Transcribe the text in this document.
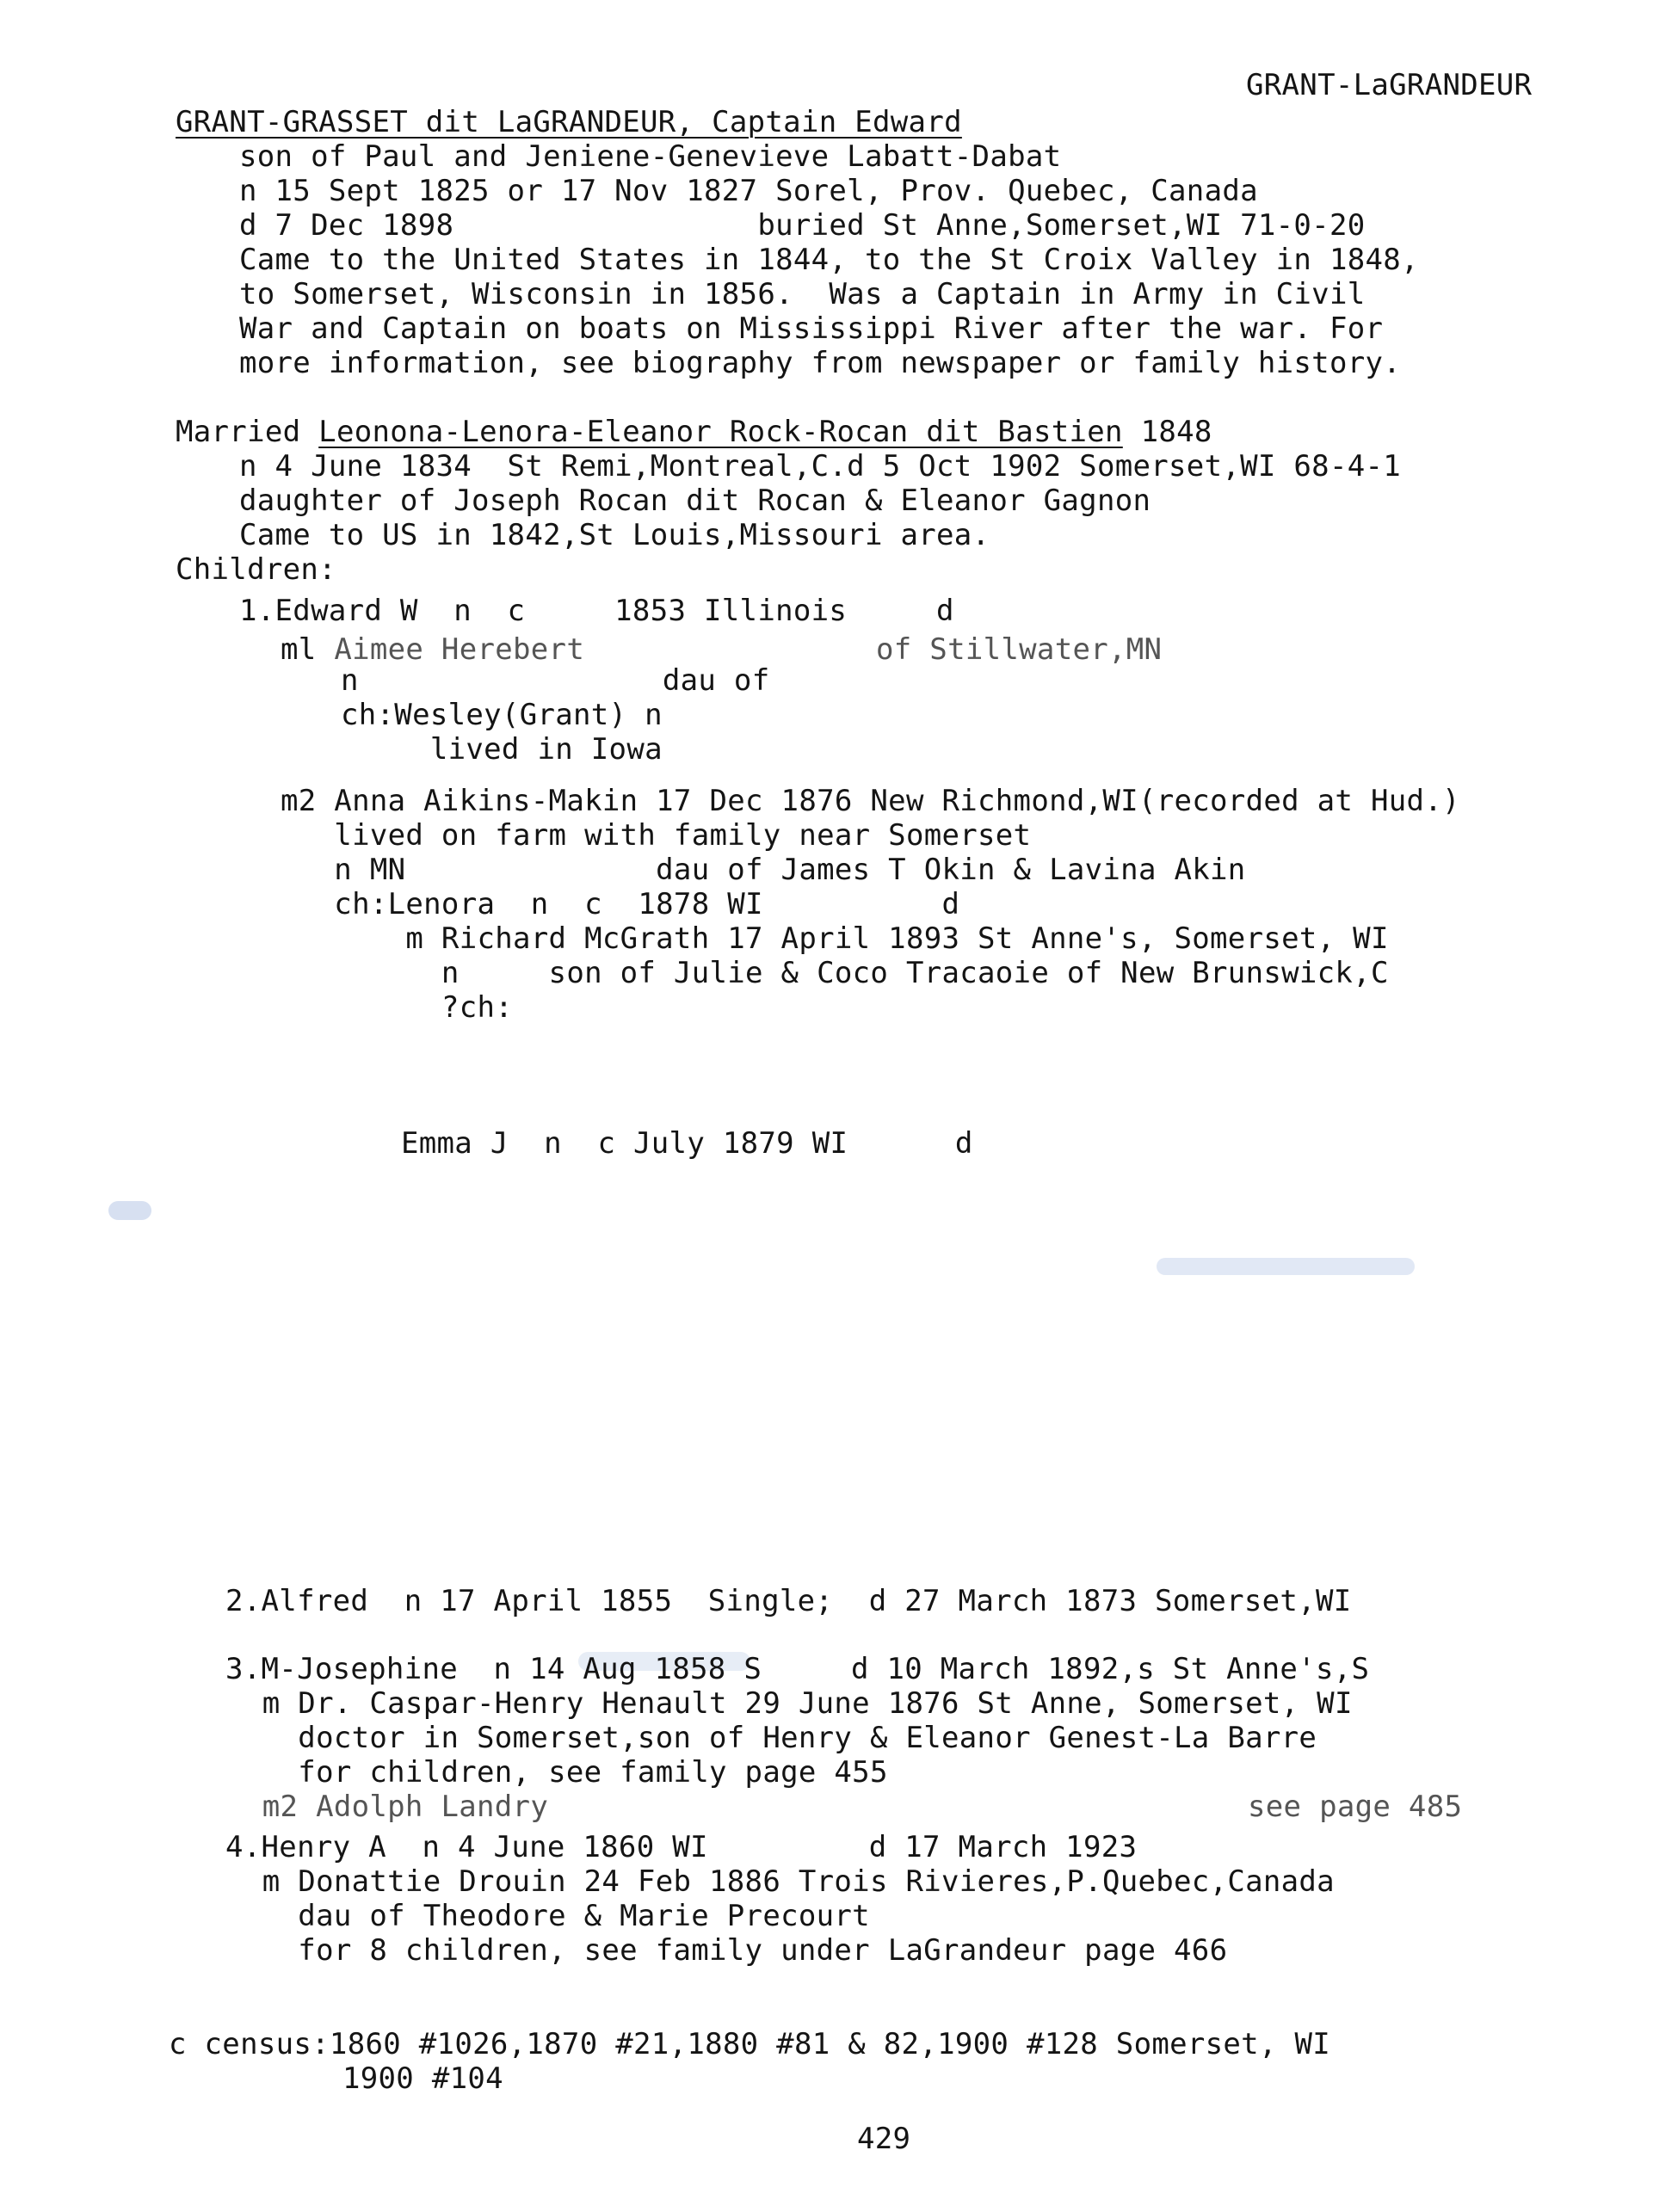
GRANT-LaGRANDEUR
GRANT-GRASSET dit LaGRANDEUR, Captain Edward
son of Paul and Jeniene-Genevieve Labatt-Dabat
n 15 Sept 1825 or 17 Nov 1827 Sorel, Prov. Quebec, Canada
d 7 Dec 1898                 buried St Anne,Somerset,WI 71-0-20
Came to the United States in 1844, to the St Croix Valley in 1848,
to Somerset, Wisconsin in 1856.  Was a Captain in Army in Civil
War and Captain on boats on Mississippi River after the war. For
more information, see biography from newspaper or family history.
Married Leonona-Lenora-Eleanor Rock-Rocan dit Bastien 1848
n 4 June 1834  St Remi,Montreal,C.d 5 Oct 1902 Somerset,WI 68-4-1
daughter of Joseph Rocan dit Rocan & Eleanor Gagnon
Came to US in 1842,St Louis,Missouri area.
Children:
1.Edward W  n  c     1853 Illinois     d
ml Aimee Herebert	of Stillwater,MN
n                 dau of
ch:Wesley(Grant) n
lived in Iowa
m2 Anna Aikins-Makin 17 Dec 1876 New Richmond,WI(recorded at Hud.)
lived on farm with family near Somerset
n MN              dau of James T Okin & Lavina Akin
ch:Lenora  n  c  1878 WI          d
m Richard McGrath 17 April 1893 St Anne's, Somerset, WI
n     son of Julie & Coco Tracaoie of New Brunswick,C
?ch:
Emma J  n  c July 1879 WI      d
2.Alfred  n 17 April 1855  Single;  d 27 March 1873 Somerset,WI
3.M-Josephine  n 14 Aug 1858 S     d 10 March 1892,s St Anne's,S
m Dr. Caspar-Henry Henault 29 June 1876 St Anne, Somerset, WI
doctor in Somerset,son of Henry & Eleanor Genest-La Barre
for children, see family page 455
m2 Adolph Landry	see page 485
4.Henry A  n 4 June 1860 WI         d 17 March 1923
m Donattie Drouin 24 Feb 1886 Trois Rivieres,P.Quebec,Canada
dau of Theodore & Marie Precourt
for 8 children, see family under LaGrandeur page 466
c census:1860 #1026,1870 #21,1880 #81 & 82,1900 #128 Somerset, WI
1900 #104
429
